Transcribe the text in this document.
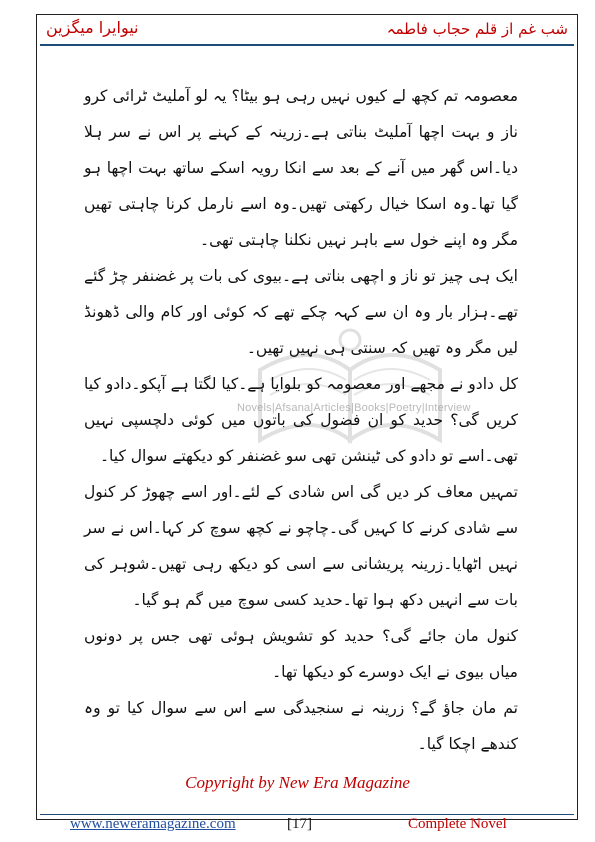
شب غم از قلم حجاب فاطمہ
نیوایرا میگزین
Novels|Afsana|Articles|Books|Poetry|Interview

معصومہ تم کچھ لے کیوں نہیں رہی ہو بیٹا؟ یہ لو آملیٹ ٹرائی کرو ناز و بہت اچھا آملیٹ بناتی ہے۔زرینہ کے کہنے پر اس نے سر ہلا دیا۔اس گھر میں آنے کے بعد سے انکا رویہ اسکے ساتھ بہت اچھا ہو گیا تھا۔وہ اسکا خیال رکھتی تھیں۔وہ اسے نارمل کرنا چاہتی تھیں مگر وہ اپنے خول سے باہر نہیں نکلنا چاہتی تھی۔

ایک ہی چیز تو ناز و اچھی بناتی ہے۔بیوی کی بات پر غضنفر چڑ گئے تھے۔ہزار بار وہ ان سے کہہ چکے تھے کہ کوئی اور کام والی ڈھونڈ لیں مگر وہ تھیں کہ سنتی ہی نہیں تھیں۔

کل دادو نے مجھے اور معصومہ کو بلوایا ہے۔کیا لگتا ہے آپکو۔دادو کیا کریں گی؟ حدید کو ان فضول کی باتوں میں کوئی دلچسپی نہیں تھی۔اسے تو دادو کی ٹینشن تھی سو غضنفر کو دیکھتے سوال کیا۔

تمہیں معاف کر دیں گی اس شادی کے لئے۔اور اسے چھوڑ کر کنول سے شادی کرنے کا کہیں گی۔چاچو نے کچھ سوچ کر کہا۔اس نے سر نہیں اٹھایا۔زرینہ پریشانی سے اسی کو دیکھ رہی تھیں۔شوہر کی بات سے انہیں دکھ ہوا تھا۔حدید کسی سوچ میں گم ہو گیا۔

کنول مان جائے گی؟ حدید کو تشویش ہوئی تھی جس پر دونوں میاں بیوی نے ایک دوسرے کو دیکھا تھا۔

تم مان جاؤ گے؟ زرینہ نے سنجیدگی سے اس سے سوال کیا تو وہ کندھے اچکا گیا۔

Copyright by New Era Magazine
www.neweramagazine.com	[17]	Complete Novel
